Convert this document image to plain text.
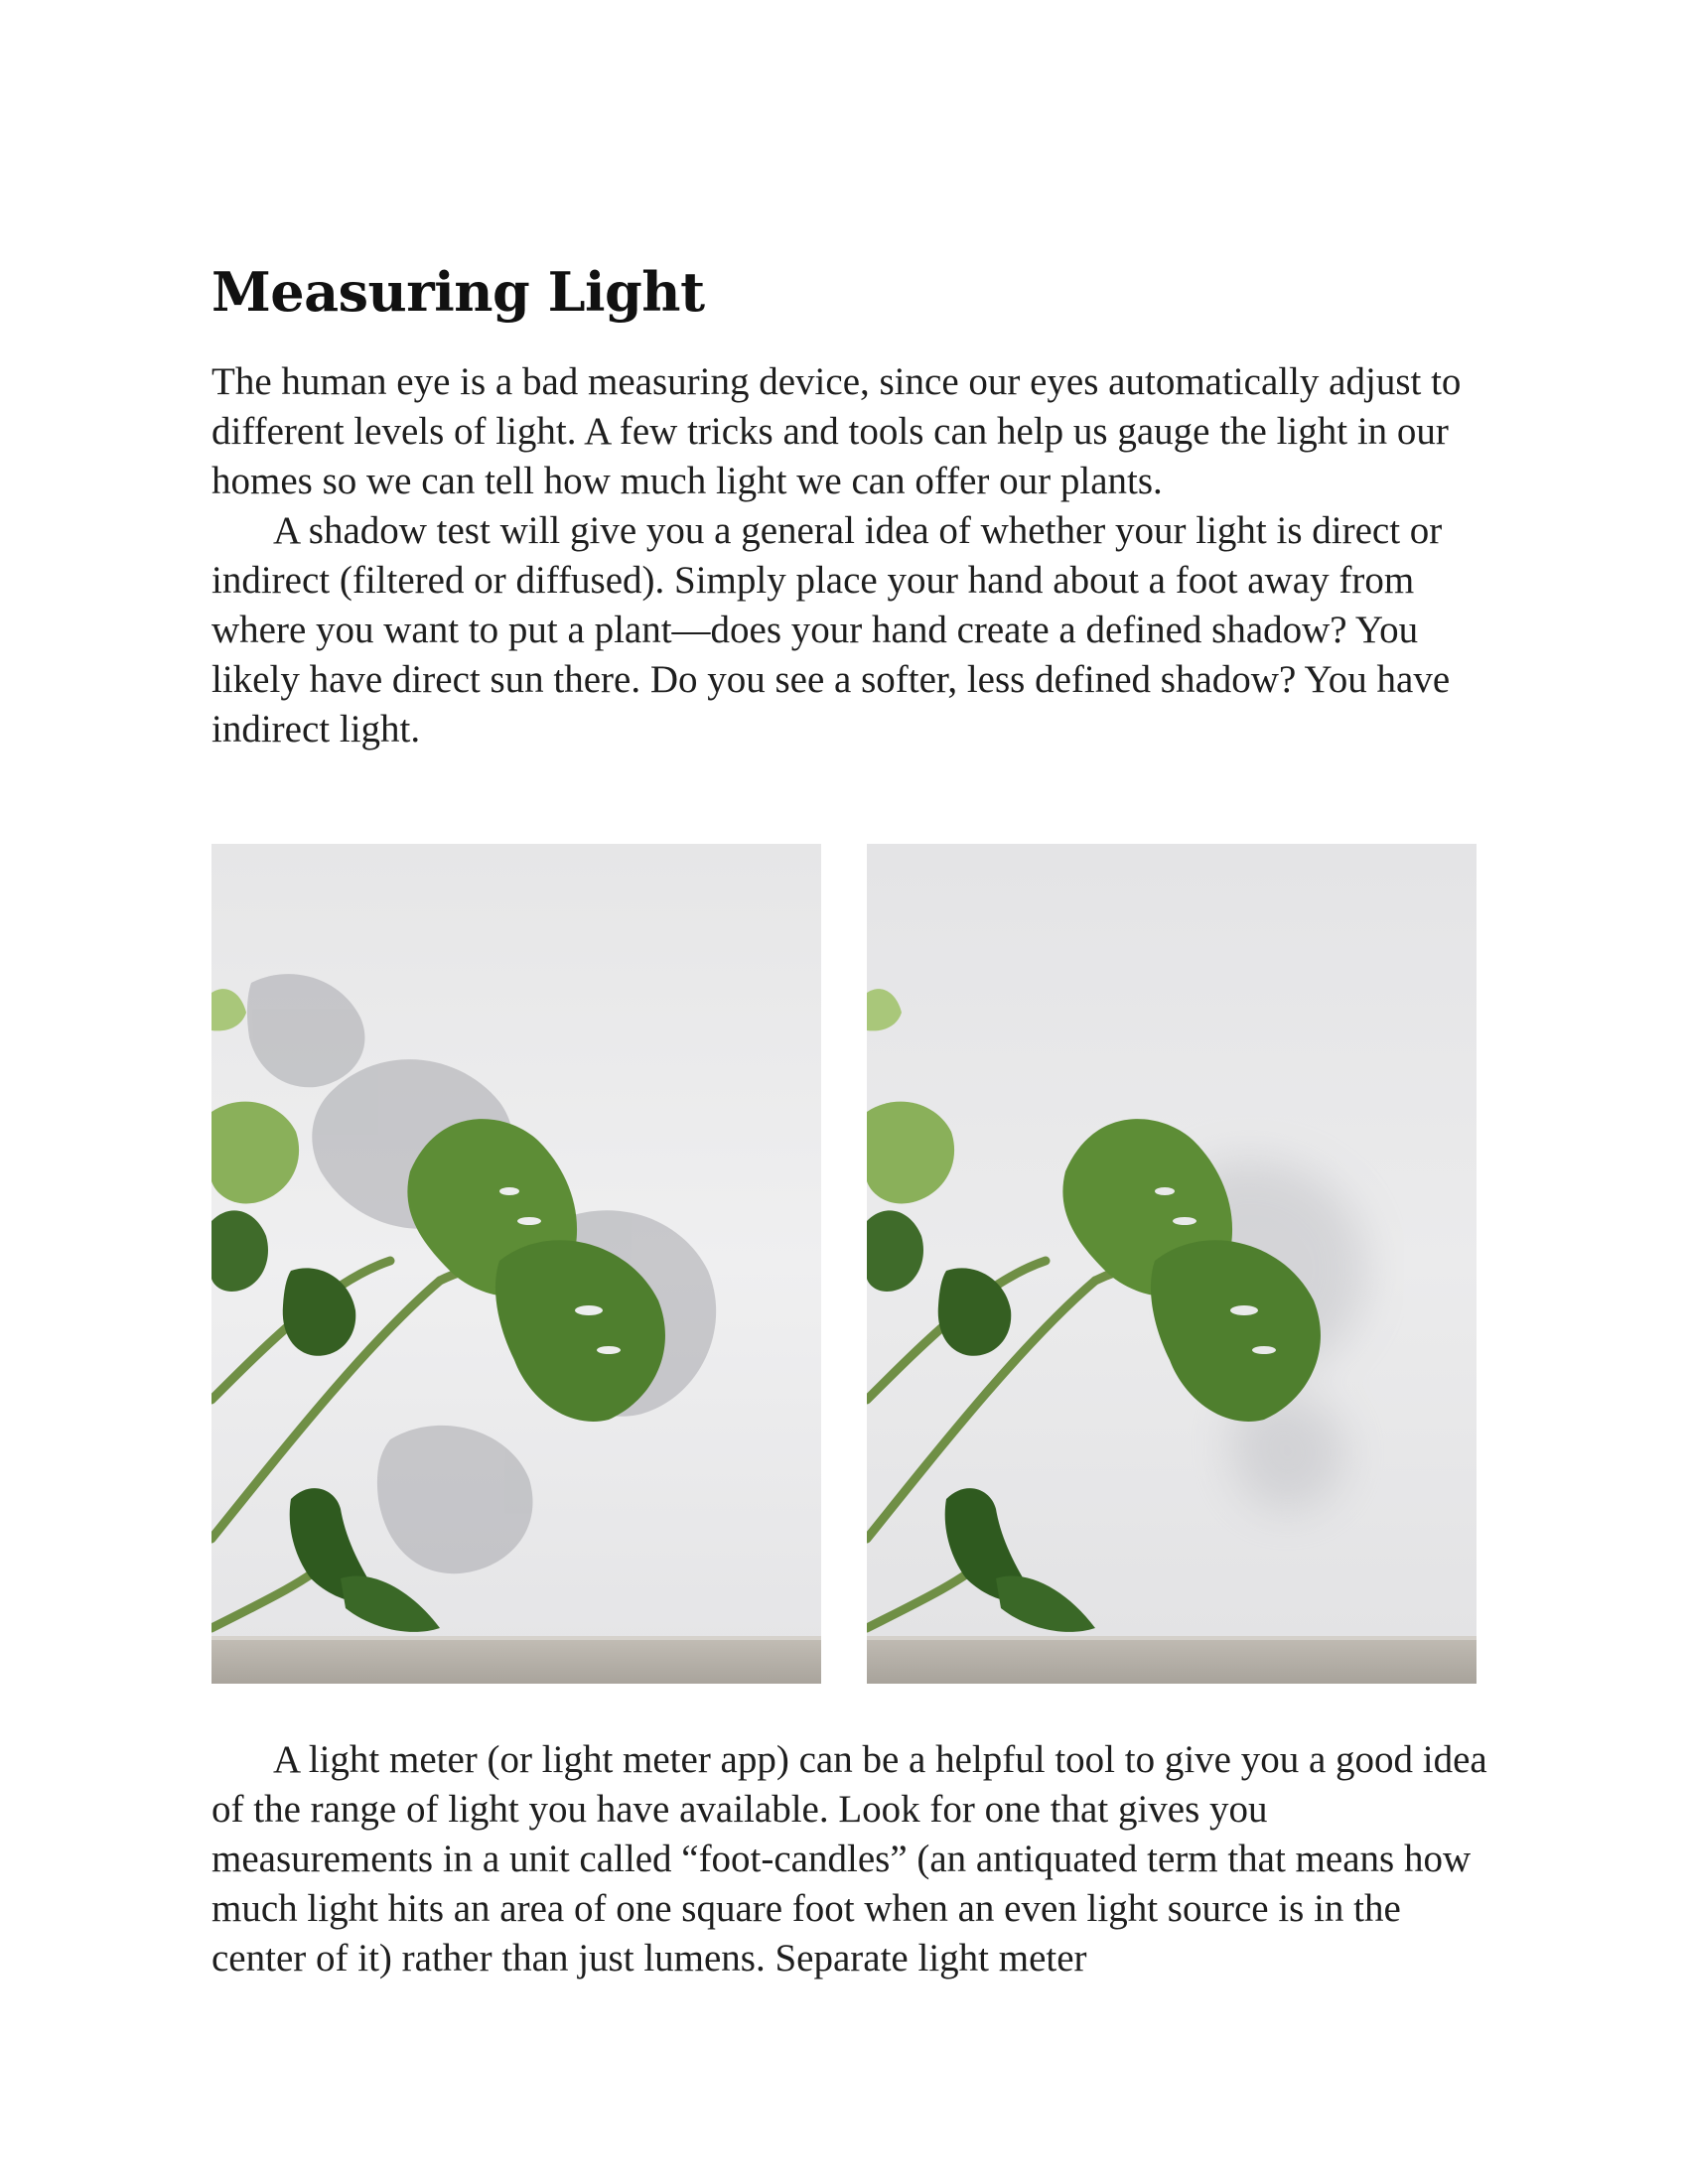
Measuring Light

The human eye is a bad measuring device, since our eyes automatically adjust to different levels of light. A few tricks and tools can help us gauge the light in our homes so we can tell how much light we can offer our plants.

A shadow test will give you a general idea of whether your light is direct or indirect (filtered or diffused). Simply place your hand about a foot away from where you want to put a plant—does your hand create a defined shadow? You likely have direct sun there. Do you see a softer, less defined shadow? You have indirect light.

A light meter (or light meter app) can be a helpful tool to give you a good idea of the range of light you have available. Look for one that gives you measurements in a unit called “foot-candles” (an antiquated term that means how much light hits an area of one square foot when an even light source is in the center of it) rather than just lumens. Separate light meter
